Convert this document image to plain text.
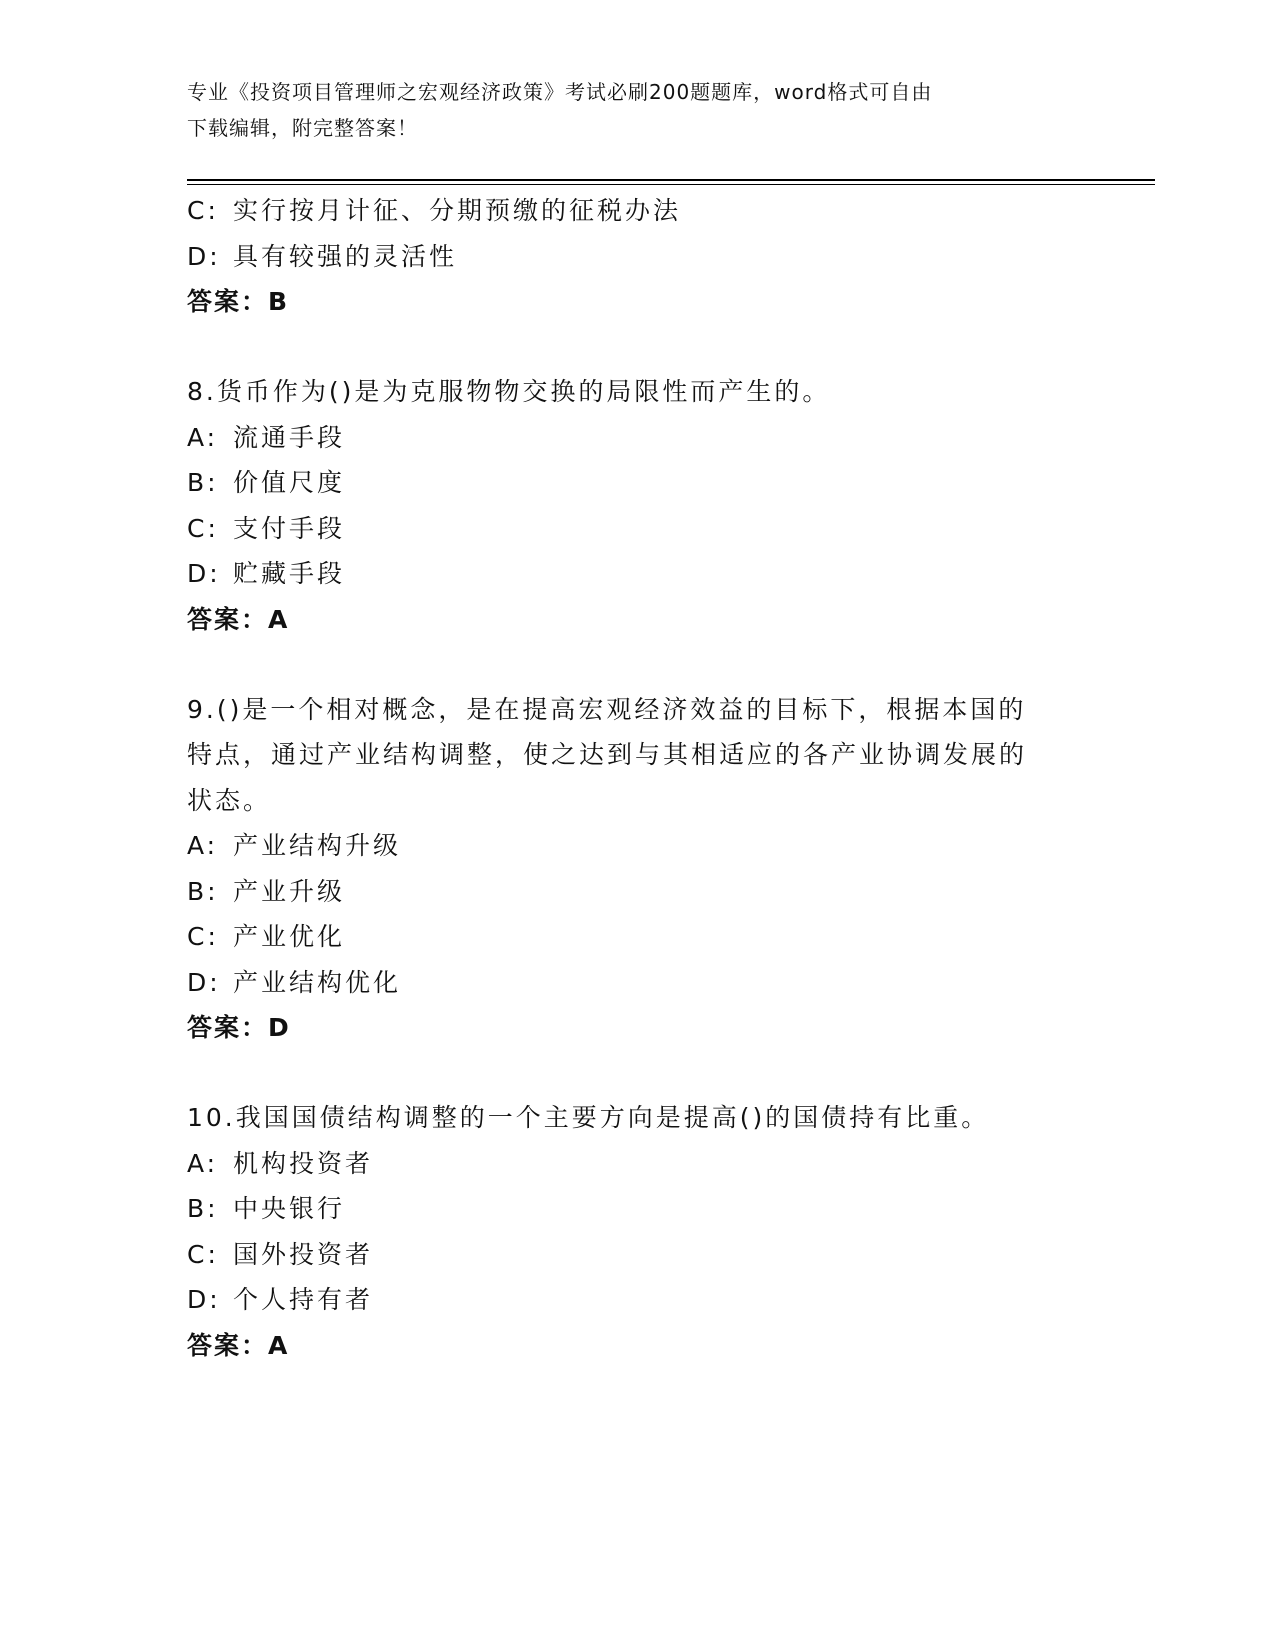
专业《投资项目管理师之宏观经济政策》考试必刷200题题库，word格式可自由
下载编辑，附完整答案！
C: 实行按月计征、分期预缴的征税办法
D: 具有较强的灵活性
答案：B
8.货币作为()是为克服物物交换的局限性而产生的。
A: 流通手段
B: 价值尺度
C: 支付手段
D: 贮藏手段
答案：A
9.()是一个相对概念，是在提高宏观经济效益的目标下，根据本国的
特点，通过产业结构调整，使之达到与其相适应的各产业协调发展的
状态。
A: 产业结构升级
B: 产业升级
C: 产业优化
D: 产业结构优化
答案：D
10.我国国债结构调整的一个主要方向是提高()的国债持有比重。
A: 机构投资者
B: 中央银行
C: 国外投资者
D: 个人持有者
答案：A
